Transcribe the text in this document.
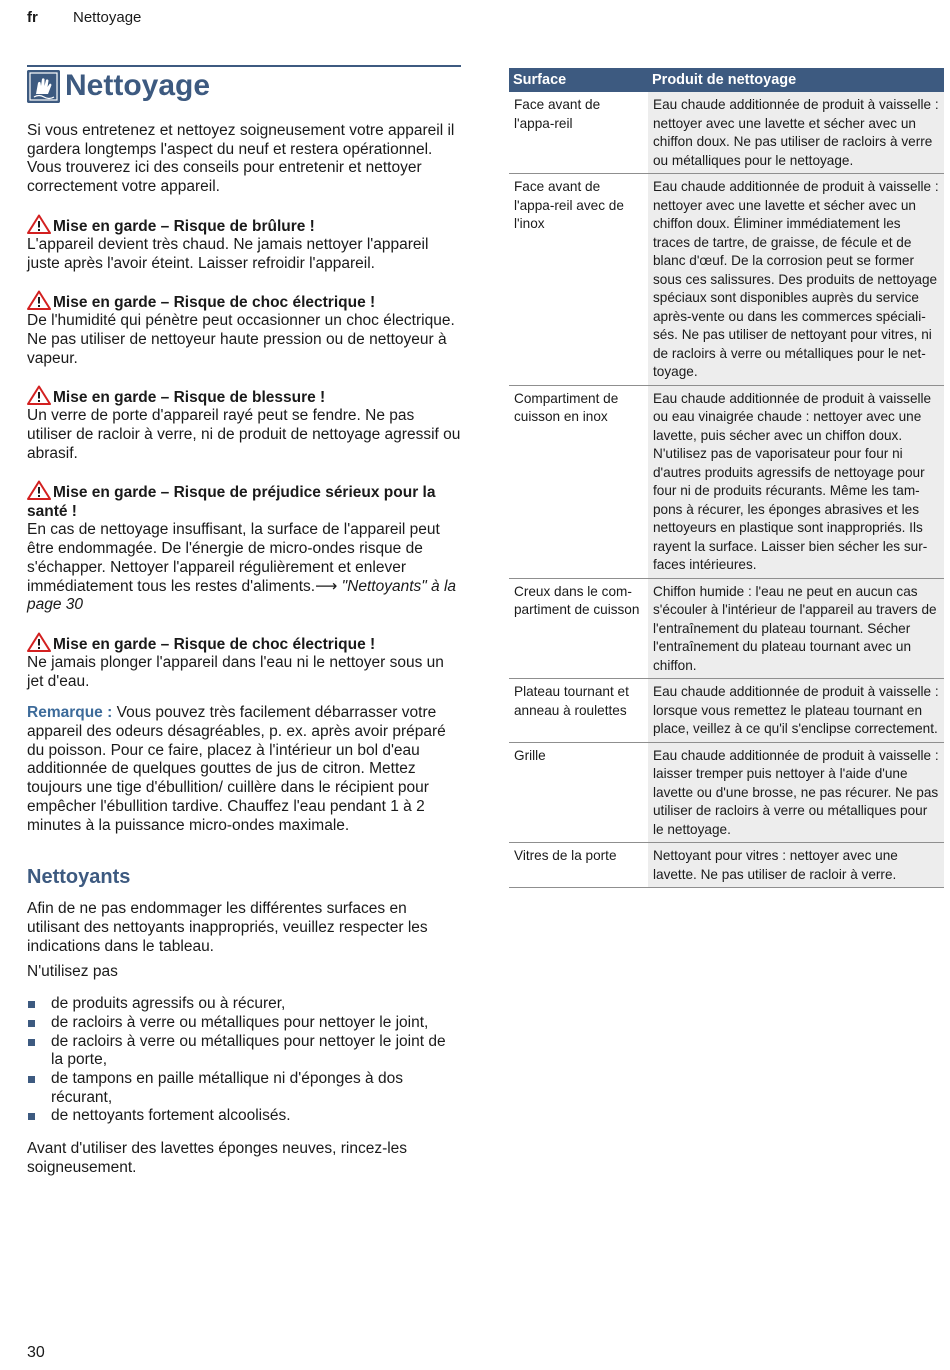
fr Nettoyage
Nettoyage

Si vous entretenez et nettoyez soigneusement votre appareil il gardera longtemps l'aspect du neuf et restera opérationnel. Vous trouverez ici des conseils pour entretenir et nettoyer correctement votre appareil.

Mise en garde – Risque de brûlure !

L'appareil devient très chaud. Ne jamais nettoyer l'appareil juste après l'avoir éteint. Laisser refroidir l'appareil.

Mise en garde – Risque de choc électrique !

De l'humidité qui pénètre peut occasionner un choc électrique. Ne pas utiliser de nettoyeur haute pression ou de nettoyeur à vapeur.

Mise en garde – Risque de blessure !

Un verre de porte d'appareil rayé peut se fendre. Ne pas utiliser de racloir à verre, ni de produit de nettoyage agressif ou abrasif.

Mise en garde – Risque de préjudice sérieux pour la santé !

En cas de nettoyage insuffisant, la surface de l'appareil peut être endommagée. De l'énergie de micro-ondes risque de s'échapper. Nettoyer l'appareil régulièrement et enlever immédiatement tous les restes d'aliments.⟶ "Nettoyants" à la page 30

Mise en garde – Risque de choc électrique !

Ne jamais plonger l'appareil dans l'eau ni le nettoyer sous un jet d'eau.

Remarque : Vous pouvez très facilement débarrasser votre appareil des odeurs désagréables, p. ex. après avoir préparé du poisson. Pour ce faire, placez à l'intérieur un bol d'eau additionnée de quelques gouttes de jus de citron. Mettez toujours une tige d'ébullition/ cuillère dans le récipient pour empêcher l'ébullition tardive. Chauffez l'eau pendant 1 à 2 minutes à la puissance micro-ondes maximale.

Nettoyants

Afin de ne pas endommager les différentes surfaces en utilisant des nettoyants inappropriés, veuillez respecter les indications dans le tableau.

N'utilisez pas

de produits agressifs ou à récurer,
de racloirs à verre ou métalliques pour nettoyer le joint,
de racloirs à verre ou métalliques pour nettoyer le joint de la porte,
de tampons en paille métallique ni d'éponges à dos récurant,
de nettoyants fortement alcoolisés.

Avant d'utiliser des lavettes éponges neuves, rincez-les soigneusement.

Surface	Produit de nettoyage
Face avant de l'appa-reil	Eau chaude additionnée de produit à vaisselle : nettoyer avec une lavette et sécher avec un chiffon doux. Ne pas utiliser de racloirs à verre ou métalliques pour le nettoyage.
Face avant de l'appa-reil avec de l'inox	Eau chaude additionnée de produit à vaisselle : nettoyer avec une lavette et sécher avec un chiffon doux. Éliminer immédiatement les traces de tartre, de graisse, de fécule et de blanc d'œuf. De la corrosion peut se former sous ces salissures. Des produits de nettoyage spéciaux sont disponibles auprès du service après-vente ou dans les commerces spéciali-sés. Ne pas utiliser de nettoyant pour vitres, ni de racloirs à verre ou métalliques pour le net-toyage.
Compartiment de cuisson en inox	Eau chaude additionnée de produit à vaisselle ou eau vinaigrée chaude : nettoyer avec une lavette, puis sécher avec un chiffon doux. N'utilisez pas de vaporisateur pour four ni d'autres produits agressifs de nettoyage pour four ni de produits récurants. Même les tam-pons à récurer, les éponges abrasives et les nettoyeurs en plastique sont inappropriés. Ils rayent la surface. Laisser bien sécher les sur-faces intérieures.
Creux dans le com-partiment de cuisson	Chiffon humide : l'eau ne peut en aucun cas s'écouler à l'intérieur de l'appareil au travers de l'entraînement du plateau tournant. Sécher l'entraînement du plateau tournant avec un chiffon.
Plateau tournant et anneau à roulettes	Eau chaude additionnée de produit à vaisselle : lorsque vous remettez le plateau tournant en place, veillez à ce qu'il s'enclipse correctement.
Grille	Eau chaude additionnée de produit à vaisselle : laisser tremper puis nettoyer à l'aide d'une lavette ou d'une brosse, ne pas récurer. Ne pas utiliser de racloirs à verre ou métalliques pour le nettoyage.
Vitres de la porte	Nettoyant pour vitres : nettoyer avec une lavette. Ne pas utiliser de racloir à verre.
30
